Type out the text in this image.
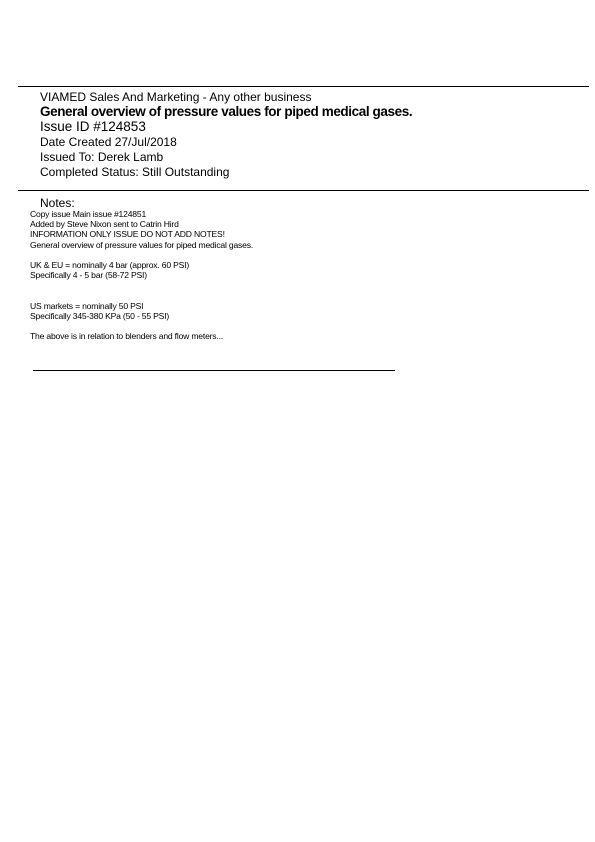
VIAMED Sales And Marketing - Any other business
General overview of pressure values for piped medical gases.
Issue ID #124853
Date Created 27/Jul/2018
Issued To: Derek Lamb
Completed Status: Still Outstanding
Notes:
Copy issue Main issue #124851
Added by Steve Nixon sent to Catrin Hird
INFORMATION ONLY ISSUE DO NOT ADD NOTES!
General overview of pressure values for piped medical gases.
UK & EU = nominally 4 bar (approx. 60 PSI)
Specifically 4 - 5 bar (58-72 PSI)
US markets = nominally 50 PSI
Specifically 345-380 KPa (50 - 55 PSI)
The above is in relation to blenders and flow meters...
